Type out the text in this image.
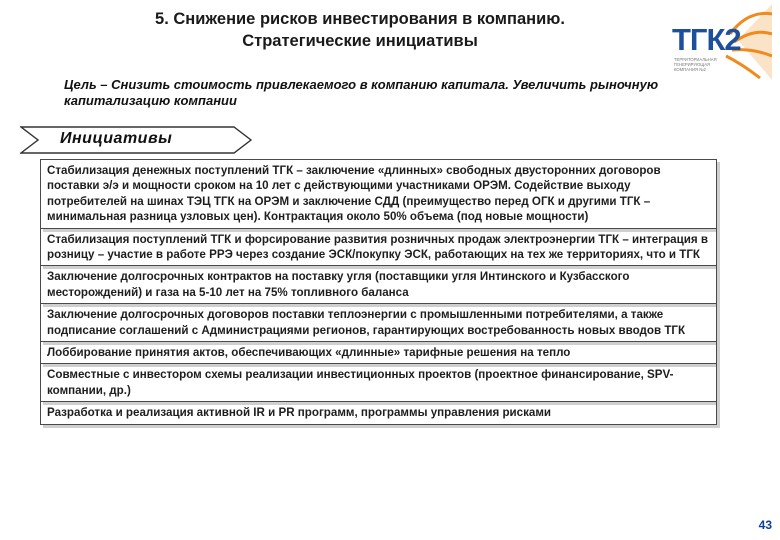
5. Снижение рисков инвестирования в компанию.
Стратегические инициативы	ТГК2
ТЕРРИТОРИАЛЬНАЯ
ГЕНЕРИРУЮЩАЯ
КОМПАНИЯ №2
Цель – Снизить стоимость привлекаемого в компанию капитала. Увеличить рыночную капитализацию компании
Инициативы
Стабилизация денежных поступлений ТГК – заключение «длинных» свободных двусторонних договоров поставки э/э и мощности сроком на 10 лет с действующими участниками ОРЭМ. Содействие выходу потребителей на шинах ТЭЦ ТГК на ОРЭМ и заключение СДД (преимущество перед ОГК и другими ТГК – минимальная разница узловых цен). Контрактация около 50% объема (под новые мощности)
Стабилизация поступлений ТГК и форсирование развития розничных продаж электроэнергии ТГК – интеграция в розницу – участие в работе РРЭ через создание ЭСК/покупку ЭСК, работающих на тех же территориях, что и ТГК
Заключение долгосрочных контрактов на поставку угля (поставщики угля Интинского и Кузбасского месторождений) и газа на 5-10 лет на 75% топливного баланса
Заключение долгосрочных договоров поставки теплоэнергии с промышленными потребителями, а также подписание соглашений с Администрациями регионов, гарантирующих востребованность новых вводов ТГК
Лоббирование принятия актов, обеспечивающих «длинные» тарифные решения на тепло
Совместные с инвестором схемы реализации инвестиционных проектов (проектное финансирование, SPV-компании, др.)
Разработка и реализация активной IR и PR программ, программы управления рисками
43
